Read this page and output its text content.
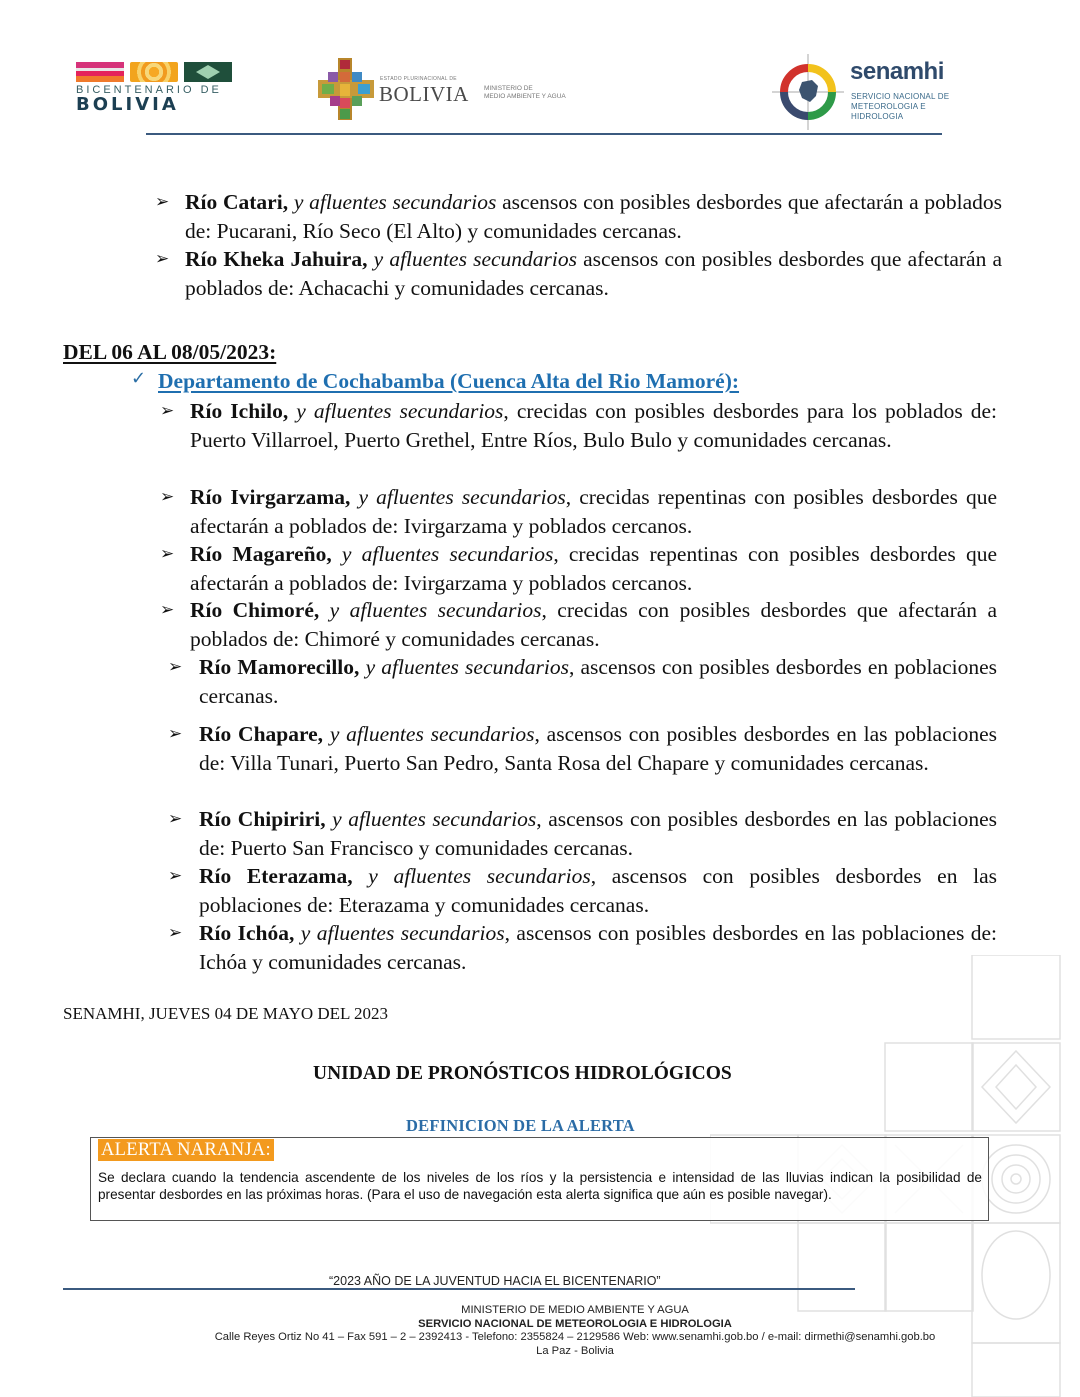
BICENTENARIO DE
BOLIVIA
ESTADO PLURINACIONAL DE
BOLIVIA MINISTERIO DE
MEDIO AMBIENTE Y AGUA
senamhi
SERVICIO NACIONAL DE
METEOROLOGIA E HIDROLOGIA
➢ Río Catari, y afluentes secundarios ascensos con posibles desbordes que afectarán a poblados de: Pucarani, Río Seco (El Alto) y comunidades cercanas.
➢ Río Kheka Jahuira, y afluentes secundarios ascensos con posibles desbordes que afectarán a poblados de: Achacachi y comunidades cercanas.
DEL 06 AL 08/05/2023:
✓ Departamento de Cochabamba (Cuenca Alta del Rio Mamoré):
➢ Río Ichilo, y afluentes secundarios, crecidas con posibles desbordes para los poblados de: Puerto Villarroel, Puerto Grethel, Entre Ríos, Bulo Bulo y comunidades cercanas.
➢ Río Ivirgarzama, y afluentes secundarios, crecidas repentinas con posibles desbordes que afectarán a poblados de: Ivirgarzama y poblados cercanos.
➢ Río Magareño, y afluentes secundarios, crecidas repentinas con posibles desbordes que afectarán a poblados de: Ivirgarzama y poblados cercanos.
➢ Río Chimoré, y afluentes secundarios, crecidas con posibles desbordes que afectarán a poblados de: Chimoré y comunidades cercanas.
➢ Río Mamorecillo, y afluentes secundarios, ascensos con posibles desbordes en poblaciones cercanas.
➢ Río Chapare, y afluentes secundarios, ascensos con posibles desbordes en las poblaciones de: Villa Tunari, Puerto San Pedro, Santa Rosa del Chapare y comunidades cercanas.
➢ Río Chipiriri, y afluentes secundarios, ascensos con posibles desbordes en las poblaciones de: Puerto San Francisco y comunidades cercanas.
➢ Río Eterazama, y afluentes secundarios, ascensos con posibles desbordes en las poblaciones de: Eterazama y comunidades cercanas.
➢ Río Ichóa, y afluentes secundarios, ascensos con posibles desbordes en las poblaciones de: Ichóa y comunidades cercanas.
SENAMHI, JUEVES 04 DE MAYO DEL 2023
UNIDAD DE PRONÓSTICOS HIDROLÓGICOS
DEFINICION DE LA ALERTA
ALERTA NARANJA:
Se declara cuando la tendencia ascendente de los niveles de los ríos y la persistencia e intensidad de las lluvias indican la posibilidad de presentar desbordes en las próximas horas. (Para el uso de navegación esta alerta significa que aún es posible navegar).
“2023 AÑO DE LA JUVENTUD HACIA EL BICENTENARIO”
MINISTERIO DE MEDIO AMBIENTE Y AGUA
SERVICIO NACIONAL DE METEOROLOGIA E HIDROLOGIA
Calle Reyes Ortiz No 41 – Fax 591 – 2 – 2392413 - Telefono: 2355824 – 2129586 Web: www.senamhi.gob.bo / e-mail: dirmethi@senamhi.gob.bo
La Paz - Bolivia
